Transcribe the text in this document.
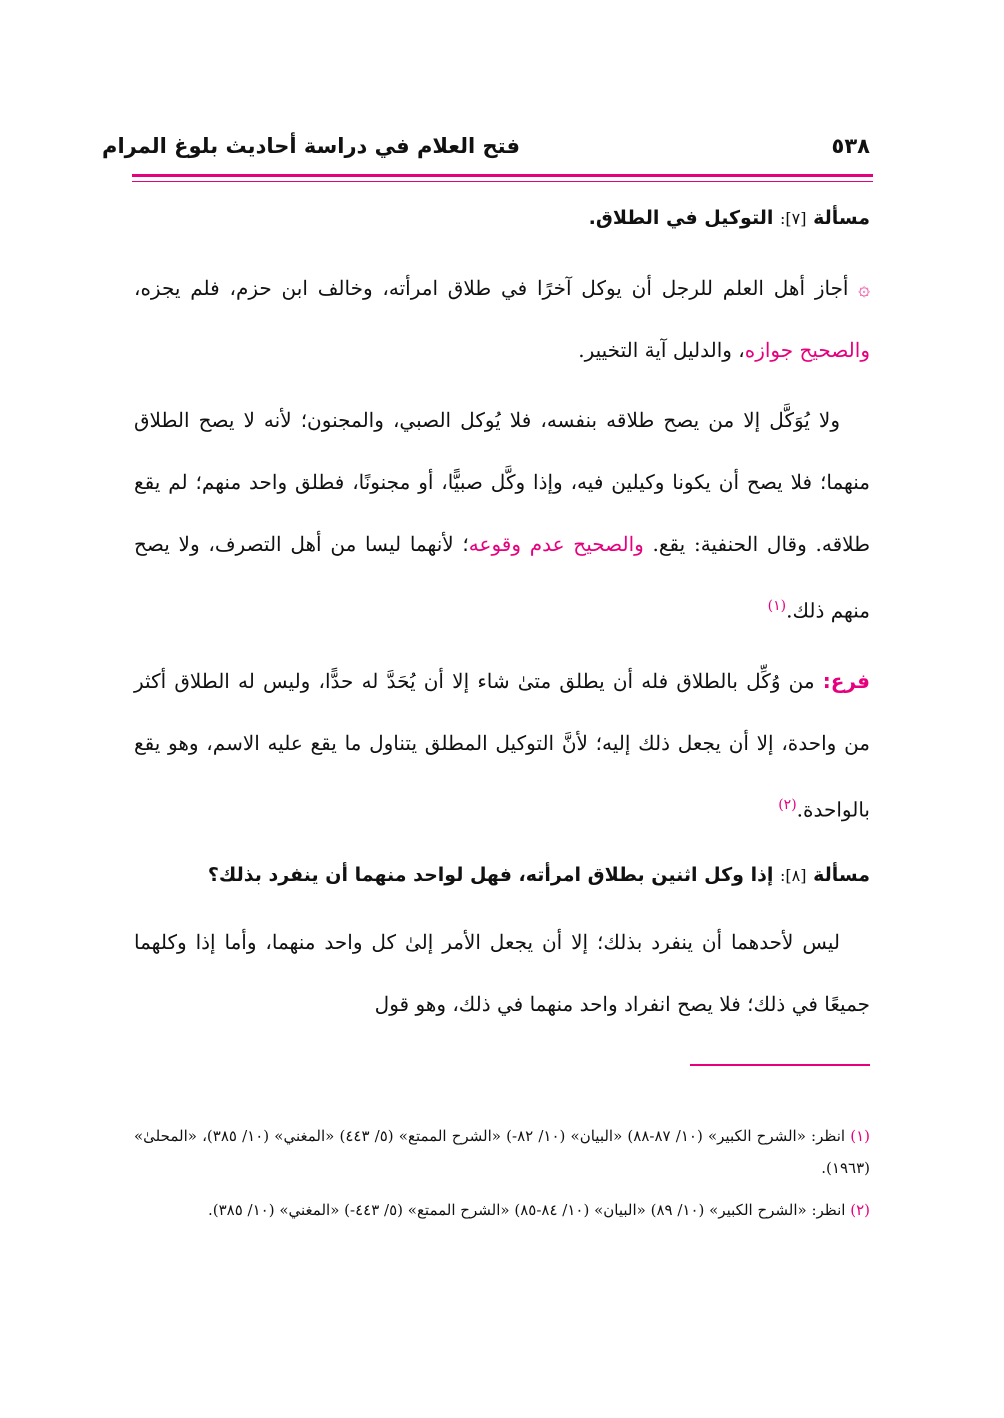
٥٣٨
فتح العلام في دراسة أحاديث بلوغ المرام

مسألة [٧]: التوكيل في الطلاق.

۞ أجاز أهل العلم للرجل أن يوكل آخرًا في طلاق امرأته، وخالف ابن حزم، فلم يجزه، والصحيح جوازه، والدليل آية التخيير.

ولا يُوَكَّل إلا من يصح طلاقه بنفسه، فلا يُوكل الصبي، والمجنون؛ لأنه لا يصح الطلاق منهما؛ فلا يصح أن يكونا وكيلين فيه، وإذا وكَّل صبيًّا، أو مجنونًا، فطلق واحد منهم؛ لم يقع طلاقه. وقال الحنفية: يقع. والصحيح عدم وقوعه؛ لأنهما ليسا من أهل التصرف، ولا يصح منهم ذلك.$^{(١)}$

فرع: من وُكِّل بالطلاق فله أن يطلق متىٰ شاء إلا أن يُحَدَّ له حدًّا، وليس له الطلاق أكثر من واحدة، إلا أن يجعل ذلك إليه؛ لأنَّ التوكيل المطلق يتناول ما يقع عليه الاسم، وهو يقع بالواحدة.$^{(٢)}$

مسألة [٨]: إذا وكل اثنين بطلاق امرأته، فهل لواحد منهما أن ينفرد بذلك؟

ليس لأحدهما أن ينفرد بذلك؛ إلا أن يجعل الأمر إلىٰ كل واحد منهما، وأما إذا وكلهما جميعًا في ذلك؛ فلا يصح انفراد واحد منهما في ذلك، وهو قول

(١) انظر: «الشرح الكبير» (١٠/ ٨٧-٨٨) «البيان» (١٠/ ٨٢-) «الشرح الممتع» (٥/ ٤٤٣) «المغني» (١٠/ ٣٨٥)، «المحلىٰ» (١٩٦٣).

(٢) انظر: «الشرح الكبير» (١٠/ ٨٩) «البيان» (١٠/ ٨٤-٨٥) «الشرح الممتع» (٥/ ٤٤٣-) «المغني» (١٠/ ٣٨٥).
